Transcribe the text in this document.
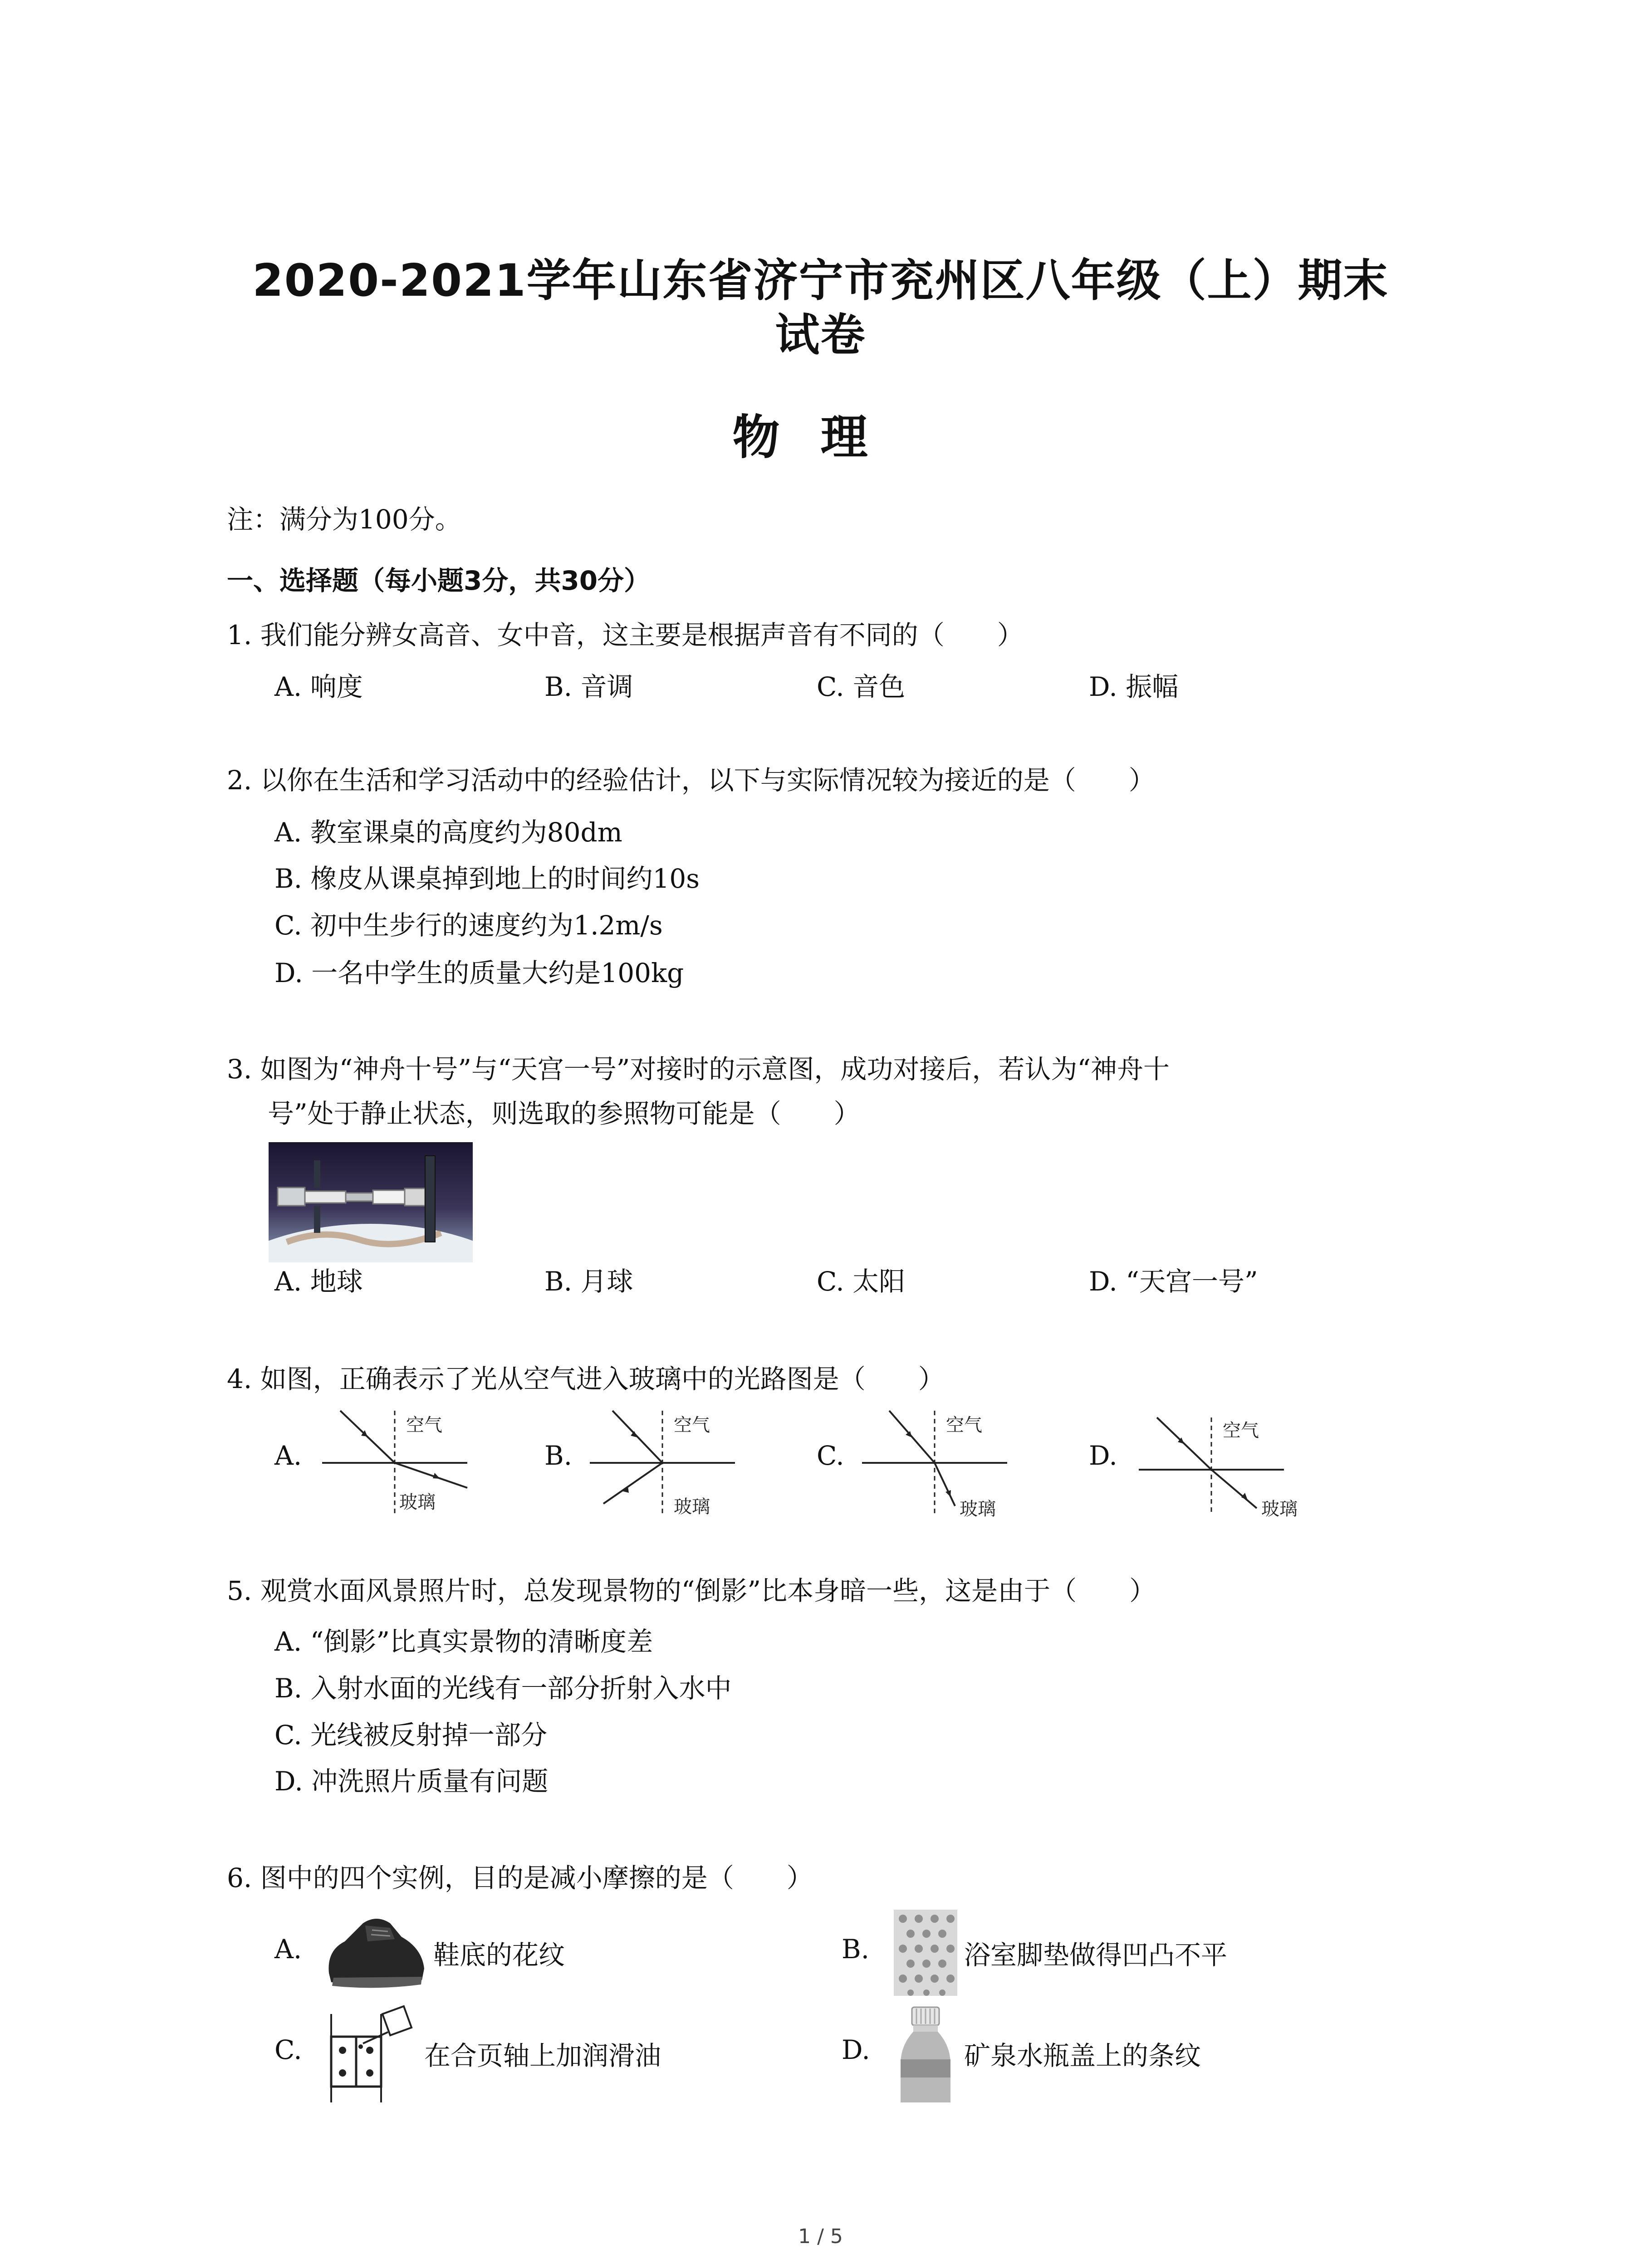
2020-2021学年山东省济宁市兖州区八年级（上）期末
试卷
物理
注：满分为100分。
一、选择题（每小题3分，共30分）
1. 我们能分辨女高音、女中音，这主要是根据声音有不同的（　　）
A. 响度	B. 音调	C. 音色	D. 振幅
2. 以你在生活和学习活动中的经验估计，以下与实际情况较为接近的是（　　）
A. 教室课桌的高度约为80dm
B. 橡皮从课桌掉到地上的时间约10s
C. 初中生步行的速度约为1.2m/s
D. 一名中学生的质量大约是100kg
3. 如图为“神舟十号”与“天宫一号”对接时的示意图，成功对接后，若认为“神舟十
号”处于静止状态，则选取的参照物可能是（　　）
A. 地球	B. 月球	C. 太阳	D. “天宫一号”
4. 如图，正确表示了光从空气进入玻璃中的光路图是（　　）
A.
空气
玻璃
B.
空气
玻璃
C.
空气
玻璃
D.
空气
玻璃
5. 观赏水面风景照片时，总发现景物的“倒影”比本身暗一些，这是由于（　　）
A. “倒影”比真实景物的清晰度差
B. 入射水面的光线有一部分折射入水中
C. 光线被反射掉一部分
D. 冲洗照片质量有问题
6. 图中的四个实例，目的是减小摩擦的是（　　）
A.	鞋底的花纹	B.	浴室脚垫做得凹凸不平
C.	在合页轴上加润滑油	D.	矿泉水瓶盖上的条纹
1 / 5
